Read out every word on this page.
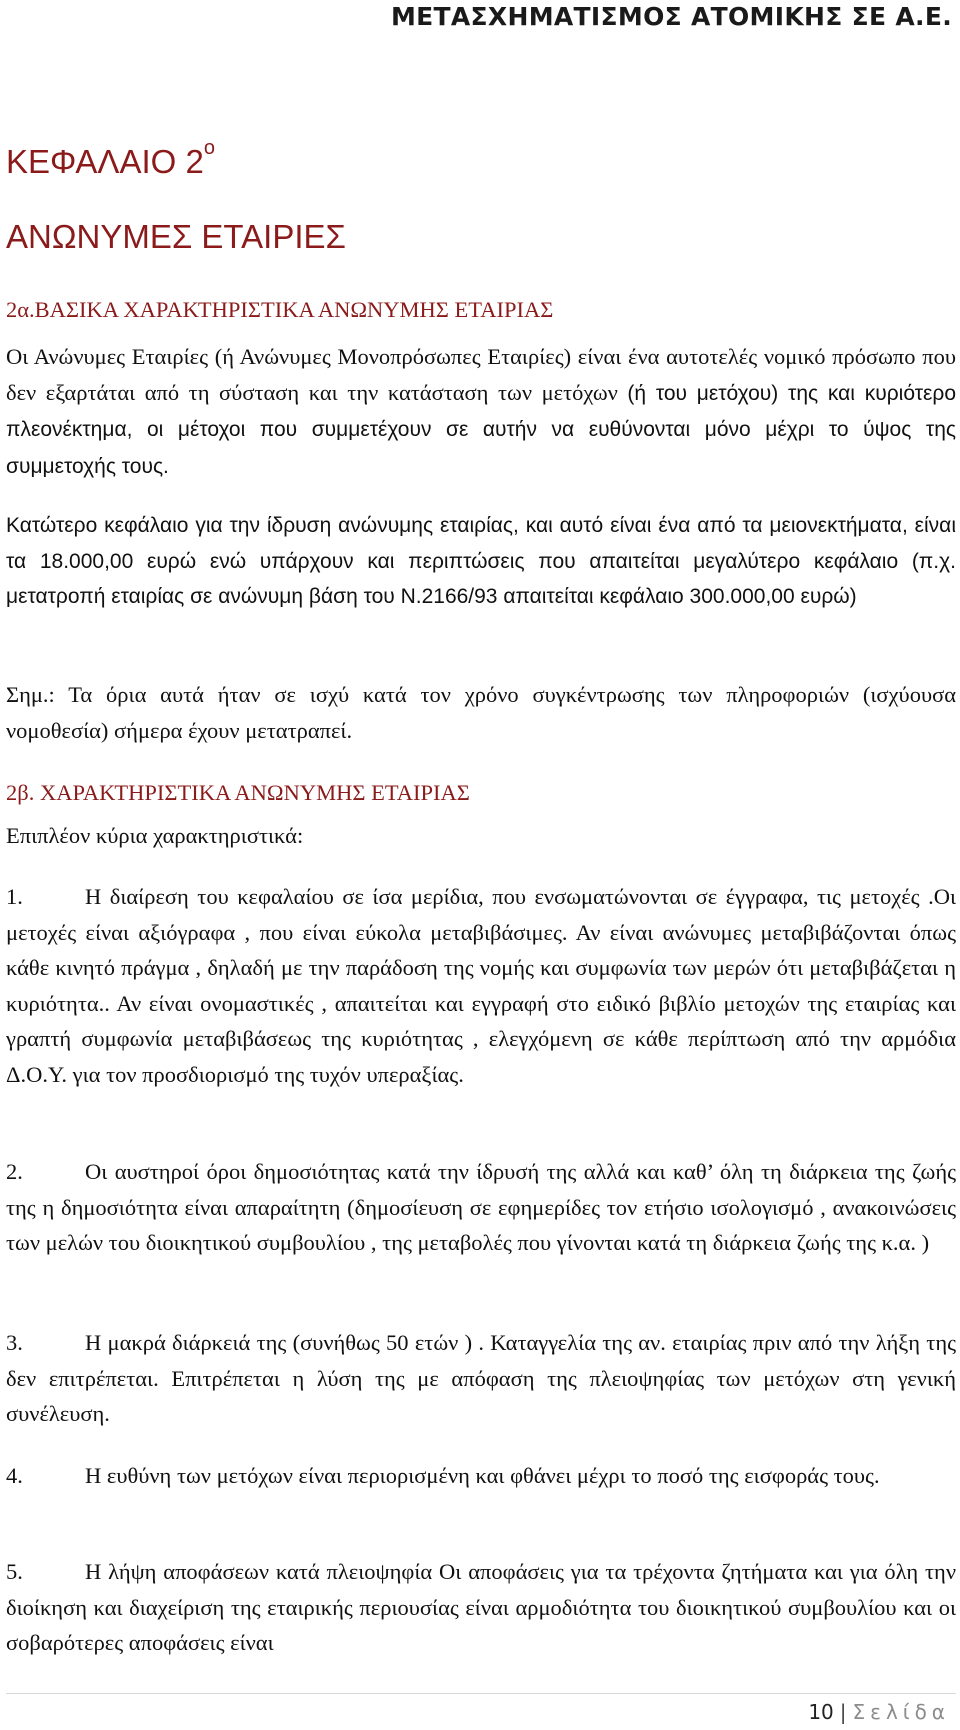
ΜΕΤΑΣΧΗΜΑΤΙΣΜΟΣ ΑΤΟΜΙΚΗΣ ΣΕ Α.Ε.
ΚΕΦΑΛΑΙΟ $2^o$
ΑΝΩΝΥΜΕΣ ΕΤΑΙΡΙΕΣ
2α.ΒΑΣΙΚΑ ΧΑΡΑΚΤΗΡΙΣΤΙΚΑ ΑΝΩΝΥΜΗΣ ΕΤΑΙΡΙΑΣ
Οι Ανώνυμες Εταιρίες (ή Ανώνυμες Μονοπρόσωπες Εταιρίες) είναι ένα αυτοτελές νομικό πρόσωπο που δεν εξαρτάται από τη σύσταση και την κατάσταση των μετόχων (ή του μετόχου) της και κυριότερο πλεονέκτημα, οι μέτοχοι που συμμετέχουν σε αυτήν να ευθύνονται μόνο μέχρι το ύψος της συμμετοχής τους.
Κατώτερο κεφάλαιο για την ίδρυση ανώνυμης εταιρίας, και αυτό είναι ένα από τα μειονεκτήματα, είναι τα 18.000,00 ευρώ ενώ υπάρχουν και περιπτώσεις που απαιτείται μεγαλύτερο κεφάλαιο (π.χ. μετατροπή εταιρίας σε ανώνυμη βάση του Ν.2166/93 απαιτείται κεφάλαιο 300.000,00 ευρώ)
Σημ.: Τα όρια αυτά ήταν σε ισχύ κατά τον χρόνο συγκέντρωσης των πληροφοριών (ισχύουσα νομοθεσία) σήμερα έχουν μετατραπεί.
2β. ΧΑΡΑΚΤΗΡΙΣΤΙΚΑ ΑΝΩΝΥΜΗΣ ΕΤΑΙΡΙΑΣ
Επιπλέον κύρια χαρακτηριστικά:
1.	Η διαίρεση του κεφαλαίου σε ίσα μερίδια, που ενσωματώνονται σε έγγραφα, τις μετοχές .Οι μετοχές είναι αξιόγραφα , που είναι εύκολα μεταβιβάσιμες. Αν είναι ανώνυμες μεταβιβάζονται όπως κάθε κινητό πράγμα , δηλαδή με την παράδοση της νομής και συμφωνία των μερών ότι μεταβιβάζεται η κυριότητα.. Αν είναι ονομαστικές , απαιτείται και εγγραφή στο ειδικό βιβλίο μετοχών της εταιρίας και γραπτή συμφωνία μεταβιβάσεως της κυριότητας , ελεγχόμενη σε κάθε περίπτωση από την αρμόδια Δ.Ο.Υ. για τον προσδιορισμό της τυχόν υπεραξίας.
2.	Οι αυστηροί όροι δημοσιότητας κατά την ίδρυσή της αλλά και καθ’ όλη τη διάρκεια της ζωής της η δημοσιότητα είναι απαραίτητη (δημοσίευση σε εφημερίδες τον ετήσιο ισολογισμό , ανακοινώσεις των μελών του διοικητικού συμβουλίου , της μεταβολές που γίνονται κατά τη διάρκεια ζωής της κ.α. )
3.	Η μακρά διάρκειά της (συνήθως 50 ετών ) . Καταγγελία της αν. εταιρίας πριν από την λήξη της δεν επιτρέπεται. Επιτρέπεται η λύση της με απόφαση της πλειοψηφίας των μετόχων στη γενική συνέλευση.
4.	Η ευθύνη των μετόχων είναι περιορισμένη και φθάνει μέχρι το ποσό της εισφοράς τους.
5.	Η λήψη αποφάσεων κατά πλειοψηφία Οι αποφάσεις για τα τρέχοντα ζητήματα και για όλη την διοίκηση και διαχείριση της εταιρικής περιουσίας είναι αρμοδιότητα του διοικητικού συμβουλίου και οι σοβαρότερες αποφάσεις είναι
10 | Σελίδα
